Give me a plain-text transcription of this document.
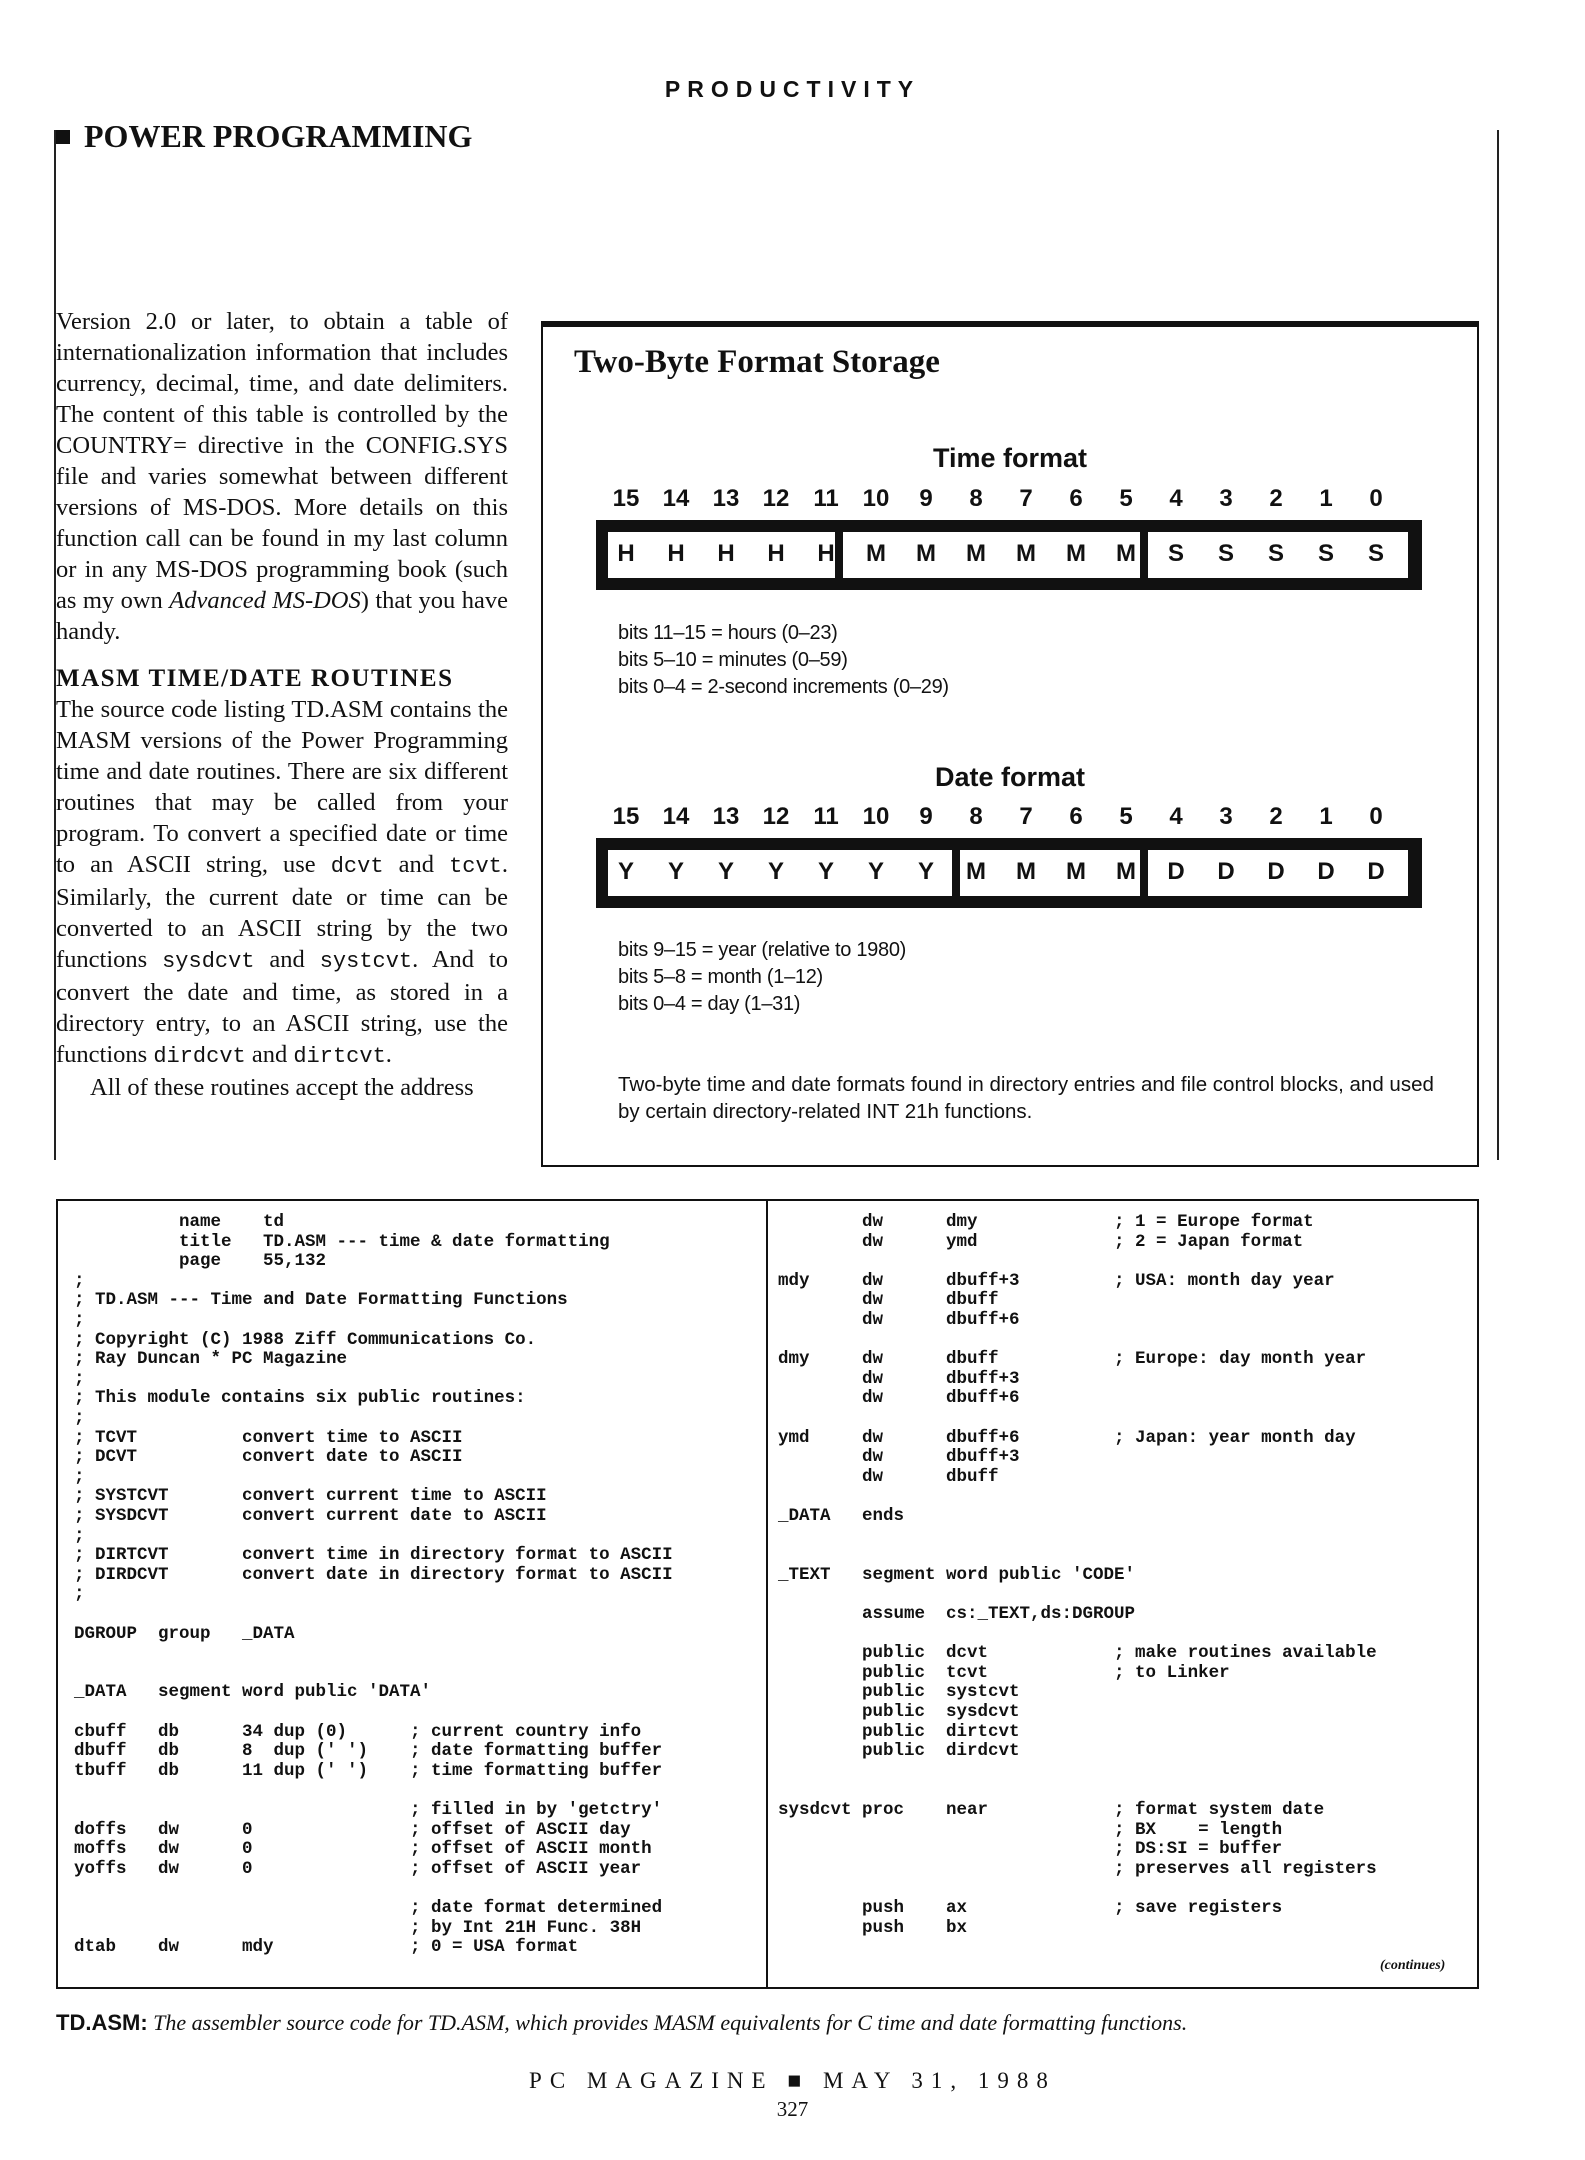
PRODUCTIVITY
POWER PROGRAMMING

Version 2.0 or later, to obtain a table of internationalization information that includes currency, decimal, time, and date delimiters. The content of this table is controlled by the COUNTRY= directive in the CONFIG.SYS file and varies somewhat between different versions of MS-DOS. More details on this function call can be found in my last column or in any MS-DOS programming book (such as my own Advanced MS-DOS) that you have handy.

MASM TIME/DATE ROUTINES

The source code listing TD.ASM contains the MASM versions of the Power Programming time and date routines. There are six different routines that may be called from your program. To convert a specified date or time to an ASCII string, use dcvt and tcvt. Similarly, the current date or time can be converted to an ASCII string by the two functions sysdcvt and systcvt. And to convert the date and time, as stored in a directory entry, to an ASCII string, use the functions dirdcvt and dirtcvt.

All of these routines accept the address

Two-Byte Format Storage
Time format
15 14 13 12 11 10	9	8	7	6	5	4	3	2	1	0
H	H	H	H	H	M	M	M	M	M	M	S	S	S	S	S
bits 11–15 = hours (0–23)
bits 5–10 = minutes (0–59)
bits 0–4 = 2-second increments (0–29)
Date format
15 14 13 12 11 10	9	8	7	6	5	4	3	2	1	0
Y	Y	Y	Y	Y	Y	Y	M	M	M	M	D	D	D	D	D
bits 9–15 = year (relative to 1980)
bits 5–8 = month (1–12)
bits 0–4 = day (1–31)
Two-byte time and date formats found in directory entries and file control blocks, and used by certain directory-related INT 21h functions.
name    td
title   TD.ASM --- time & date formatting
page    55,132
;
; TD.ASM --- Time and Date Formatting Functions
;
; Copyright (C) 1988 Ziff Communications Co.
; Ray Duncan * PC Magazine
;
; This module contains six public routines:
;
; TCVT          convert time to ASCII
; DCVT          convert date to ASCII
;
; SYSTCVT       convert current time to ASCII
; SYSDCVT       convert current date to ASCII
;
; DIRTCVT       convert time in directory format to ASCII
; DIRDCVT       convert date in directory format to ASCII
;
DGROUP  group   _DATA
_DATA   segment word public 'DATA'
cbuff   db      34 dup (0)      ; current country info
dbuff   db      8  dup (' ')    ; date formatting buffer
tbuff   db      11 dup (' ')    ; time formatting buffer
; filled in by 'getctry'
doffs   dw      0               ; offset of ASCII day
moffs   dw      0               ; offset of ASCII month
yoffs   dw      0               ; offset of ASCII year
; date format determined
; by Int 21H Func. 38H
dtab    dw      mdy             ; 0 = USA format
dw      dmy             ; 1 = Europe format
dw      ymd             ; 2 = Japan format
mdy     dw      dbuff+3         ; USA: month day year
dw      dbuff
dw      dbuff+6
dmy     dw      dbuff           ; Europe: day month year
dw      dbuff+3
dw      dbuff+6
ymd     dw      dbuff+6         ; Japan: year month day
dw      dbuff+3
dw      dbuff
_DATA   ends
_TEXT   segment word public 'CODE'
assume  cs:_TEXT,ds:DGROUP
public  dcvt            ; make routines available
public  tcvt            ; to Linker
public  systcvt
public  sysdcvt
public  dirtcvt
public  dirdcvt
sysdcvt proc    near            ; format system date
; BX    = length
; DS:SI = buffer
; preserves all registers
push    ax              ; save registers
push    bx
(continues)
TD.ASM: The assembler source code for TD.ASM, which provides MASM equivalents for C time and date formatting functions.
PC MAGAZINE ■ MAY 31, 1988
327
